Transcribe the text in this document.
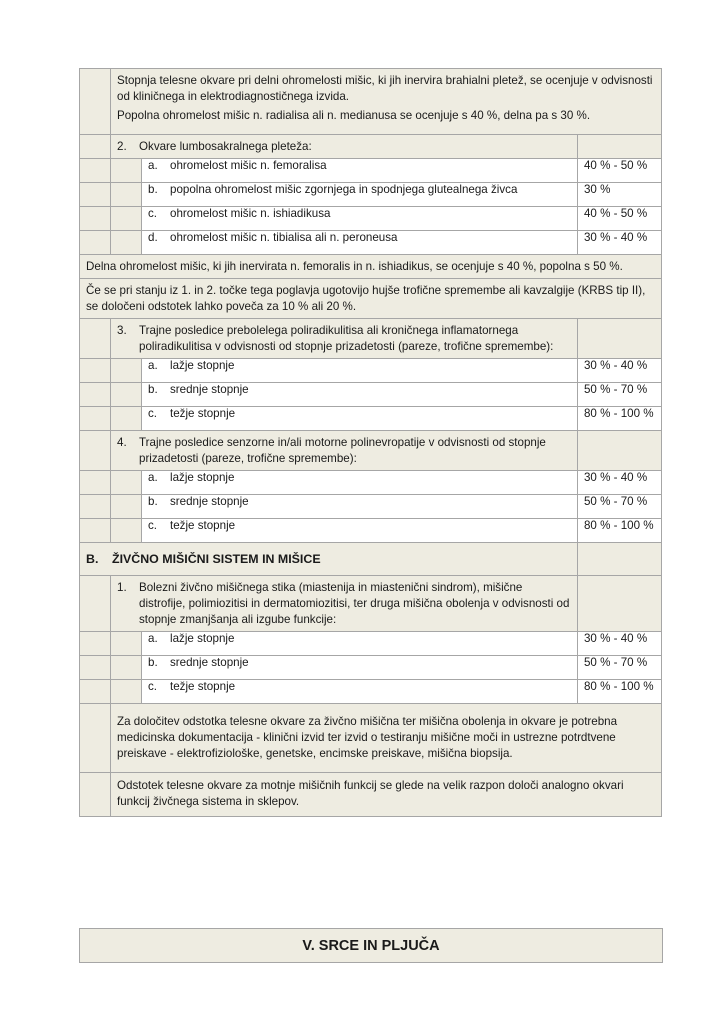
	Stopnja telesne okvare pri delni ohromelosti mišic, ki jih inervira brahialni pletež, se ocenjuje v odvisnosti od kliničnega in elektrodiagnostičnega izvida.
Popolna ohromelost mišic n. radialisa ali n. medianusa se ocenjuje s 40 %, delna pa s 30 %.		

	2. Okvare lumbosakralnega pleteža:		

		a. ohromelost mišic n. femoralisa	40 % - 50 %

		b. popolna ohromelost mišic zgornjega in spodnjega glutealnega živca	30 %

		c. ohromelost mišic n. ishiadikusa	40 % - 50 %

		d. ohromelost mišic n. tibialisa ali n. peroneusa	30 % - 40 %

Delna ohromelost mišic, ki jih inervirata n. femoralis in n. ishiadikus, se ocenjuje s 40 %, popolna s 50 %.			

Če se pri stanju iz 1. in 2. točke tega poglavja ugotovijo hujše trofične spremembe ali kavzalgije (KRBS tip II), se določeni odstotek lahko poveča za 10 % ali 20 %.			

	3. Trajne posledice prebolelega poliradikulitisa ali kroničnega inflamatornega poliradikulitisa v odvisnosti od stopnje prizadetosti (pareze, trofične spremembe):		

		a. lažje stopnje	30 % - 40 %

		b. srednje stopnje	50 % - 70 %

		c. težje stopnje	80 % - 100 %

	4. Trajne posledice senzorne in/ali motorne polinevropatije v odvisnosti od stopnje prizadetosti (pareze, trofične spremembe):		

		a. lažje stopnje	30 % - 40 %

		b. srednje stopnje	50 % - 70 %

		c. težje stopnje	80 % - 100 %

B. ŽIVČNO MIŠIČNI SISTEM IN MIŠICE			

	1. Bolezni živčno mišičnega stika (miastenija in miastenični sindrom), mišične distrofije, polimiozitisi in dermatomiozitisi, ter druga mišična obolenja v odvisnosti od stopnje zmanjšanja ali izgube funkcije:		

		a. lažje stopnje	30 % - 40 %

		b. srednje stopnje	50 % - 70 %

		c. težje stopnje	80 % - 100 %

	Za določitev odstotka telesne okvare za živčno mišična ter mišična obolenja in okvare je potrebna medicinska dokumentacija - klinični izvid ter izvid o testiranju mišične moči in ustrezne potrdtvene preiskave - elektrofiziološke, genetske, encimske preiskave, mišična biopsija.		

	Odstotek telesne okvare za motnje mišičnih funkcij se glede na velik razpon določi analogno okvari funkcij živčnega sistema in sklepov.		
V. SRCE IN PLJUČA
